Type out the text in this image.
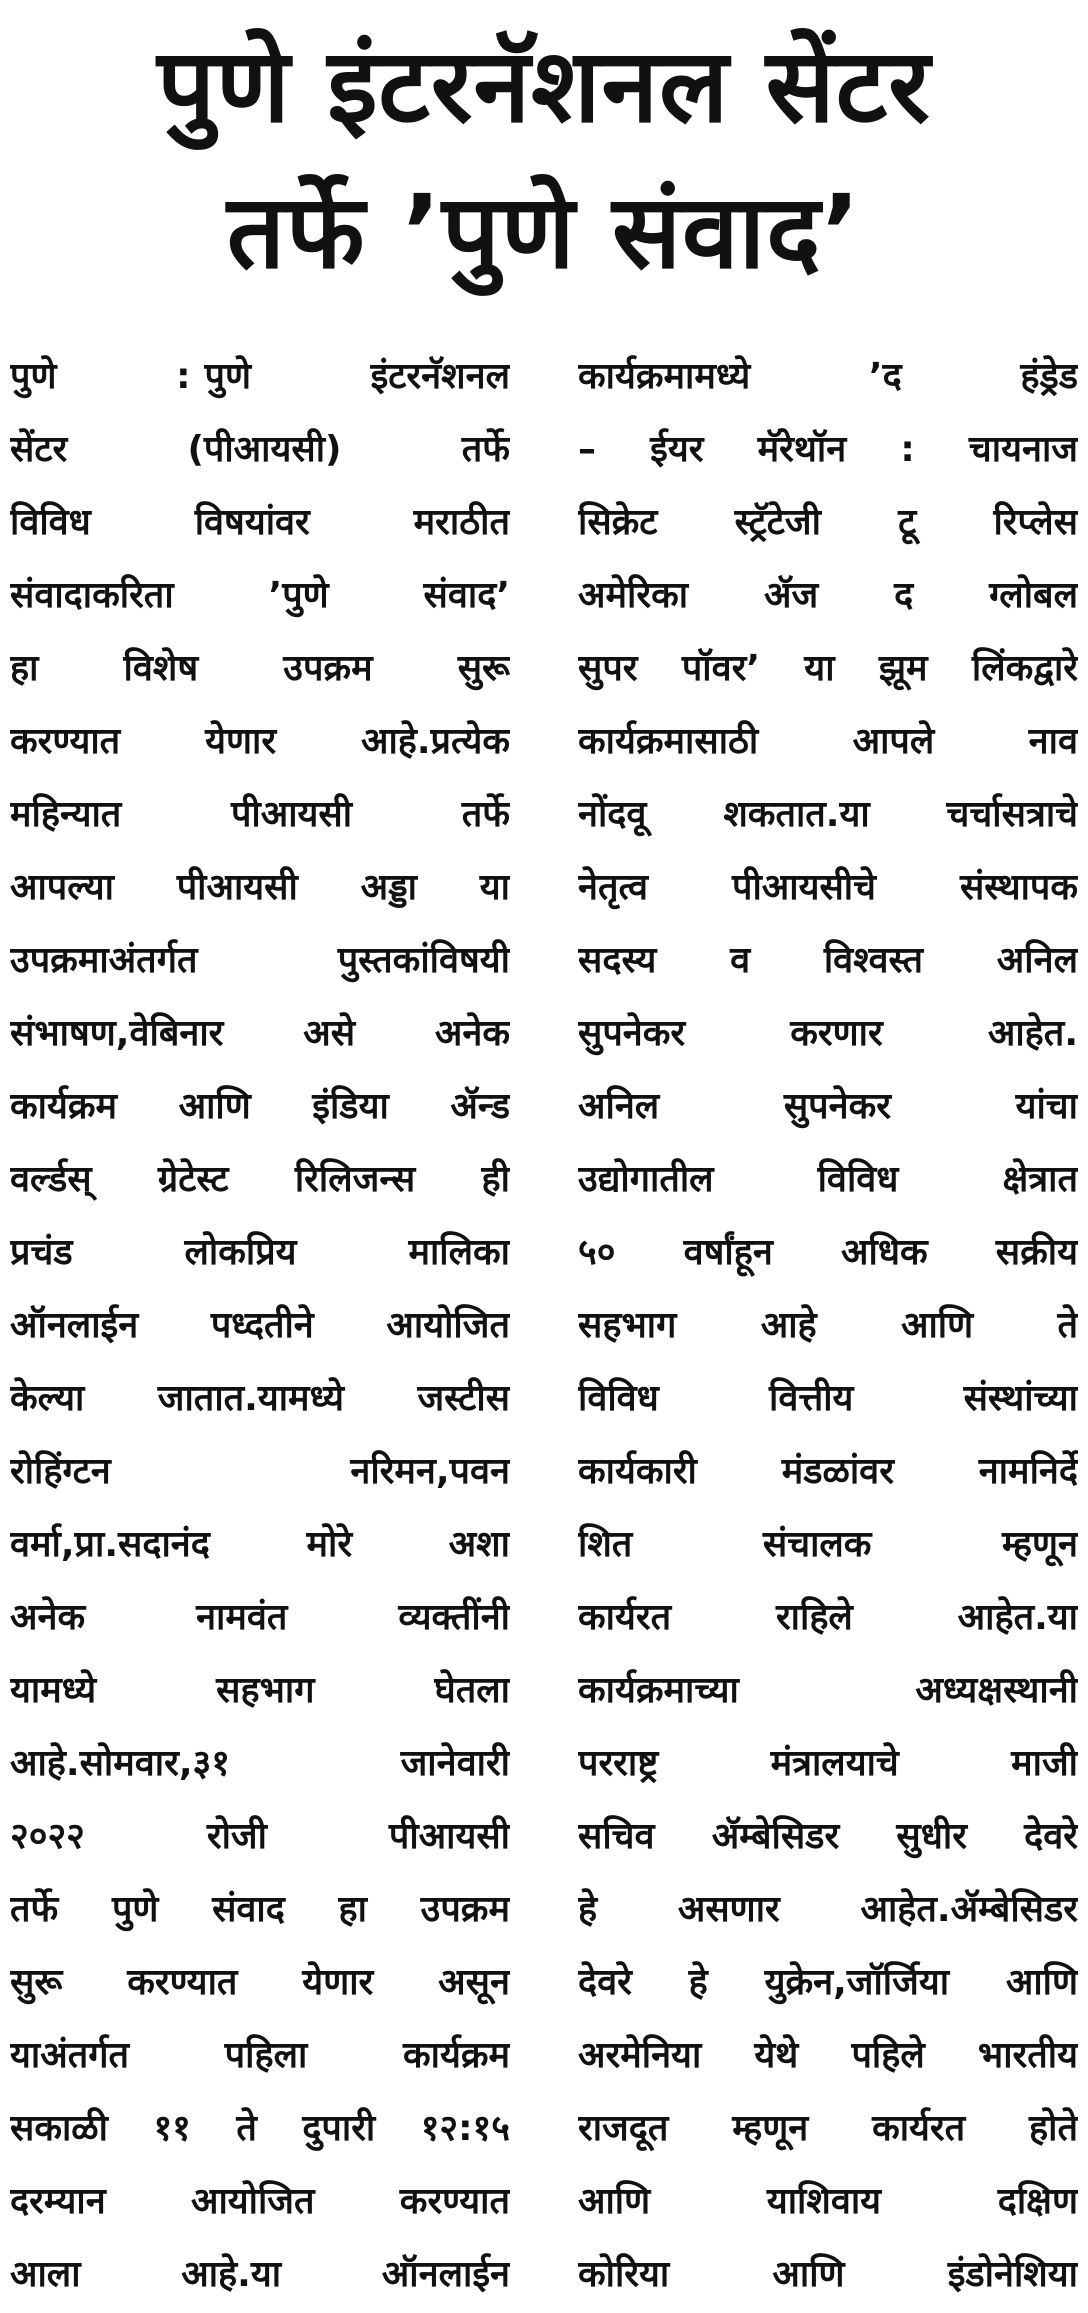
पुणे इंटरनॅशनल सेंटर
तर्फे ’पुणे संवाद’
पुणे : पुणे इंटरनॅशनल
सेंटर (पीआयसी) तर्फे
विविध विषयांवर मराठीत
संवादाकरिता ’पुणे संवाद’
हा विशेष उपक्रम सुरू
करण्यात येणार आहे.प्रत्येक
महिन्यात पीआयसी तर्फे
आपल्या पीआयसी अड्डा या
उपक्रमाअंतर्गत पुस्तकांविषयी
संभाषण,वेबिनार असे अनेक
कार्यक्रम आणि इंडिया ॲन्ड
वर्ल्डस् ग्रेटेस्ट रिलिजन्स ही
प्रचंड लोकप्रिय मालिका
ऑनलाईन पध्दतीने आयोजित
केल्या जातात.यामध्ये जस्टीस
रोहिंग्टन नरिमन,पवन
वर्मा,प्रा.सदानंद मोरे अशा
अनेक नामवंत व्यक्तींनी
यामध्ये सहभाग घेतला
आहे.सोमवार,३१ जानेवारी
२०२२ रोजी पीआयसी
तर्फे पुणे संवाद हा उपक्रम
सुरू करण्यात येणार असून
याअंतर्गत पहिला कार्यक्रम
सकाळी ११ ते दुपारी १२:१५
दरम्यान आयोजित करण्यात
आला आहे.या ऑनलाईन
कार्यक्रमामध्ये ’द हंड्रेड
– ईयर मॅरेथॉन : चायनाज
सिक्रेट स्ट्रॅटेजी टू रिप्लेस
अमेरिका ॲज द ग्लोबल
सुपर पॉवर’ या झूम लिंकद्वारे
कार्यक्रमासाठी आपले नाव
नोंदवू शकतात.या चर्चासत्राचे
नेतृत्व पीआयसीचे संस्थापक
सदस्य व विश्वस्त अनिल
सुपनेकर करणार आहेत.
अनिल सुपनेकर यांचा
उद्योगातील विविध क्षेत्रात
५० वर्षांहून अधिक सक्रीय
सहभाग आहे आणि ते
विविध वित्तीय संस्थांच्या
कार्यकारी मंडळांवर नामनिर्दे
शित संचालक म्हणून
कार्यरत राहिले आहेत.या
कार्यक्रमाच्या अध्यक्षस्थानी
परराष्ट्र मंत्रालयाचे माजी
सचिव ॲम्बेसिडर सुधीर देवरे
हे असणार आहेत.ॲम्बेसिडर
देवरे हे युक्रेन,जॉर्जिया आणि
अरमेनिया येथे पहिले भारतीय
राजदूत म्हणून कार्यरत होते
आणि याशिवाय दक्षिण
कोरिया आणि इंडोनेशिया
